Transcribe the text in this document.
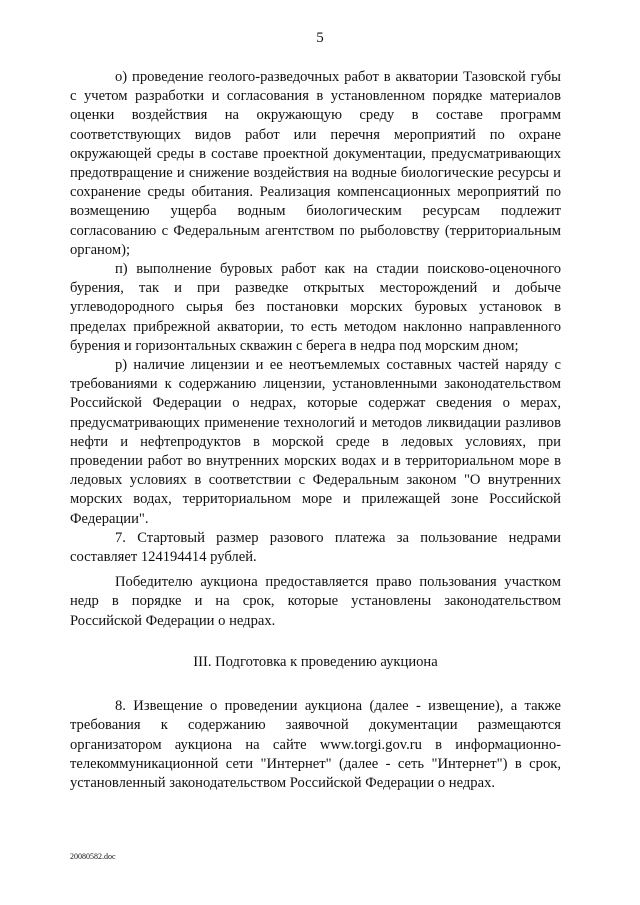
5

о) проведение геолого-разведочных работ в акватории Тазовской губы с учетом разработки и согласования в установленном порядке материалов оценки воздействия на окружающую среду в составе программ соответствующих видов работ или перечня мероприятий по охране окружающей среды в составе проектной документации, предусматривающих предотвращение и снижение воздействия на водные биологические ресурсы и сохранение среды обитания. Реализация компенсационных мероприятий по возмещению ущерба водным биологическим ресурсам подлежит согласованию с Федеральным агентством по рыболовству (территориальным органом);

п) выполнение буровых работ как на стадии поисково-оценочного бурения, так и при разведке открытых месторождений и добыче углеводородного сырья без постановки морских буровых установок в пределах прибрежной акватории, то есть методом наклонно направленного бурения и горизонтальных скважин с берега в недра под морским дном;

р) наличие лицензии и ее неотъемлемых составных частей наряду с требованиями к содержанию лицензии, установленными законодательством Российской Федерации о недрах, которые содержат сведения о мерах, предусматривающих применение технологий и методов ликвидации разливов нефти и нефтепродуктов в морской среде в ледовых условиях, при проведении работ во внутренних морских водах и в территориальном море в ледовых условиях в соответствии с Федеральным законом "О внутренних морских водах, территориальном море и прилежащей зоне Российской Федерации".

7. Стартовый размер разового платежа за пользование недрами составляет 124194414 рублей.

Победителю аукциона предоставляется право пользования участком недр в порядке и на срок, которые установлены законодательством Российской Федерации о недрах.

III. Подготовка к проведению аукциона

8. Извещение о проведении аукциона (далее - извещение), а также требования к содержанию заявочной документации размещаются организатором аукциона на сайте www.torgi.gov.ru в информационно-телекоммуникационной сети "Интернет" (далее - сеть "Интернет") в срок, установленный законодательством Российской Федерации о недрах.

20080582.doc
